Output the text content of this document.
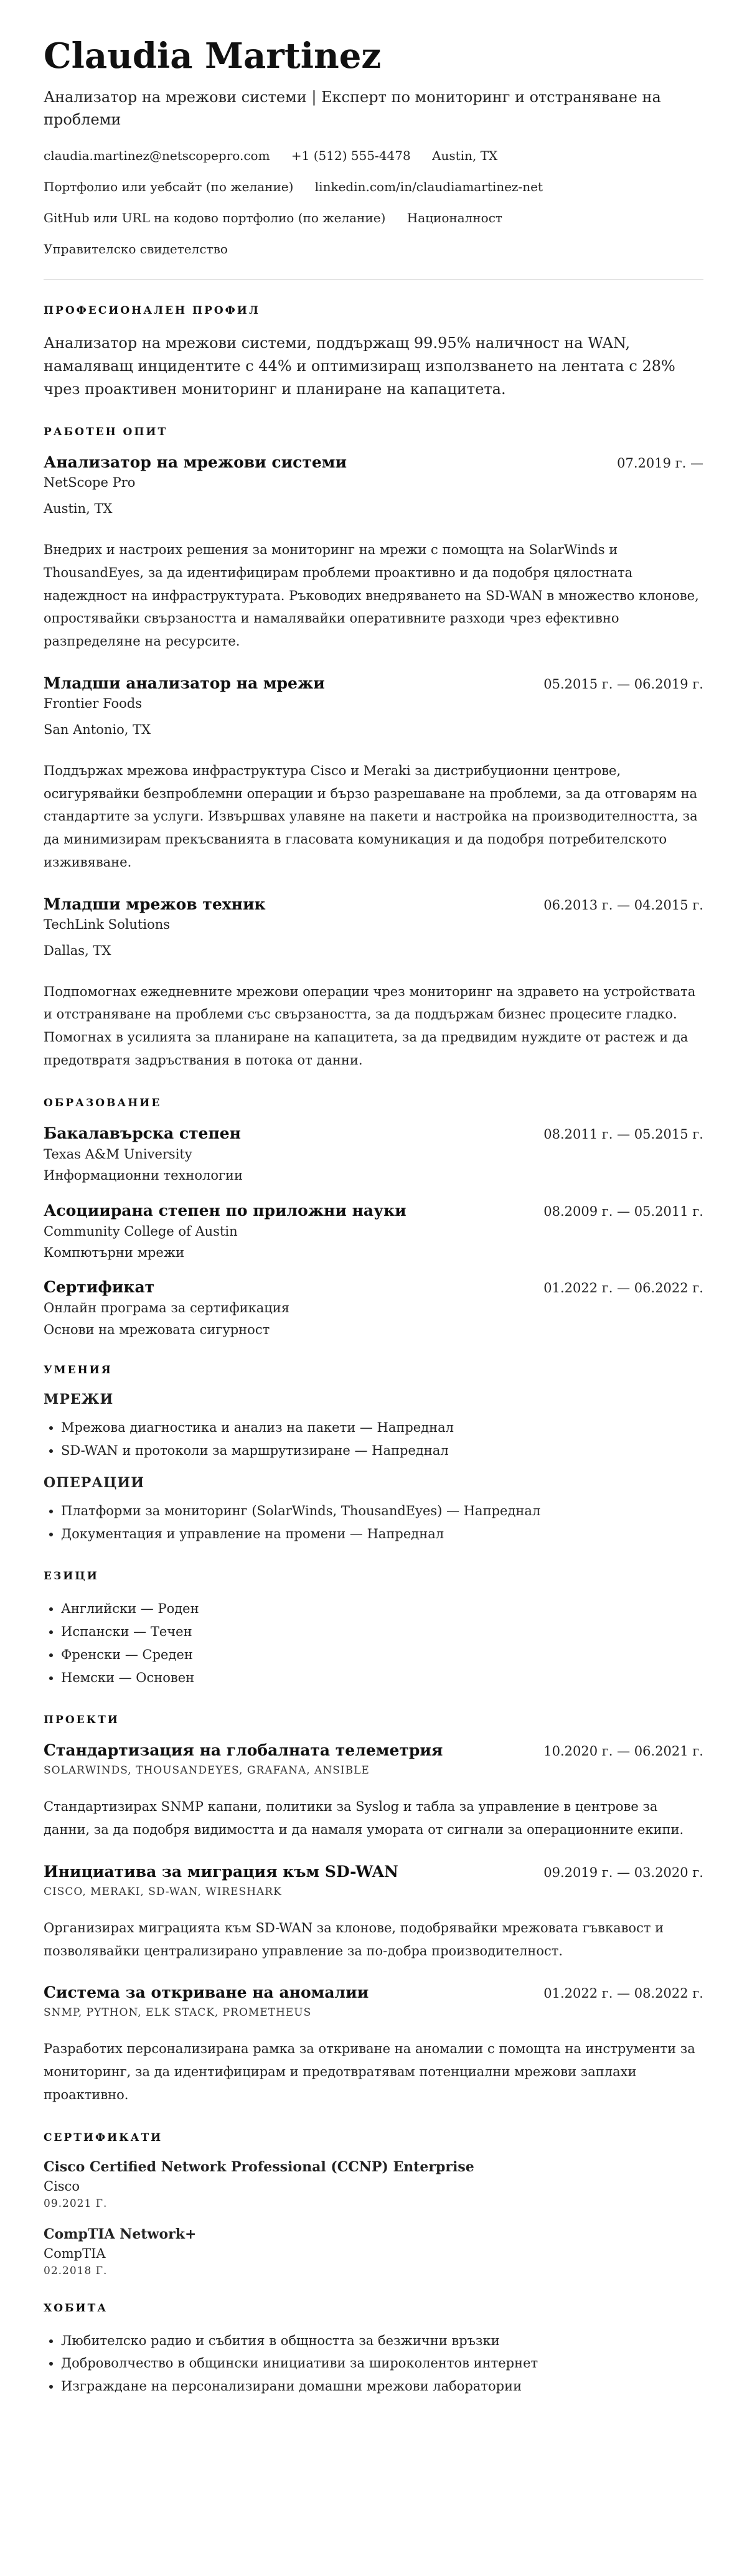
Claudia Martinez
Анализатор на мрежови системи | Експерт по мониторинг и отстраняване на проблеми
claudia.martinez@netscopepro.com +1 (512) 555-4478 Austin, TX
Портфолио или уебсайт (по желание) linkedin.com/in/claudiamartinez-net
GitHub или URL на кодово портфолио (по желание) Националност
Управителско свидетелство
ПРОФЕСИОНАЛЕН ПРОФИЛ

Анализатор на мрежови системи, поддържащ 99.95% наличност на WAN, намаляващ инцидентите с 44% и оптимизиращ използването на лентата с 28% чрез проактивен мониторинг и планиране на капацитета.

РАБОТЕН ОПИТ
Анализатор на мрежови системи	07.2019 г. —
NetScope Pro
Austin, TX
Внедрих и настроих решения за мониторинг на мрежи с помощта на SolarWinds и ThousandEyes, за да идентифицирам проблеми проактивно и да подобря цялостната надеждност на инфраструктурата. Ръководих внедряването на SD-WAN в множество клонове, опростявайки свързаността и намалявайки оперативните разходи чрез ефективно разпределяне на ресурсите.
Младши анализатор на мрежи	05.2015 г. — 06.2019 г.
Frontier Foods
San Antonio, TX
Поддържах мрежова инфраструктура Cisco и Meraki за дистрибуционни центрове, осигурявайки безпроблемни операции и бързо разрешаване на проблеми, за да отговарям на стандартите за услуги. Извършвах улавяне на пакети и настройка на производителността, за да минимизирам прекъсванията в гласовата комуникация и да подобря потребителското изживяване.
Младши мрежов техник	06.2013 г. — 04.2015 г.
TechLink Solutions
Dallas, TX
Подпомогнах ежедневните мрежови операции чрез мониторинг на здравето на устройствата и отстраняване на проблеми със свързаността, за да поддържам бизнес процесите гладко. Помогнах в усилията за планиране на капацитета, за да предвидим нуждите от растеж и да предотвратя задръствания в потока от данни.
ОБРАЗОВАНИЕ
Бакалавърска степен	08.2011 г. — 05.2015 г.
Texas A&M University
Информационни технологии
Асоциирана степен по приложни науки	08.2009 г. — 05.2011 г.
Community College of Austin
Компютърни мрежи
Сертификат	01.2022 г. — 06.2022 г.
Онлайн програма за сертификация
Основи на мрежовата сигурност
УМЕНИЯ
МРЕЖИ
• Мрежова диагностика и анализ на пакети — Напреднал
• SD-WAN и протоколи за маршрутизиране — Напреднал
ОПЕРАЦИИ
• Платформи за мониторинг (SolarWinds, ThousandEyes) — Напреднал
• Документация и управление на промени — Напреднал
ЕЗИЦИ
• Английски — Роден
• Испански — Течен
• Френски — Среден
• Немски — Основен
ПРОЕКТИ
Стандартизация на глобалната телеметрия	10.2020 г. — 06.2021 г.
SOLARWINDS, THOUSANDEYES, GRAFANA, ANSIBLE
Стандартизирах SNMP капани, политики за Syslog и табла за управление в центрове за данни, за да подобря видимостта и да намаля умората от сигнали за операционните екипи.
Инициатива за миграция към SD-WAN	09.2019 г. — 03.2020 г.
CISCO, MERAKI, SD-WAN, WIRESHARK
Организирах миграцията към SD-WAN за клонове, подобрявайки мрежовата гъвкавост и позволявайки централизирано управление за по-добра производителност.
Система за откриване на аномалии	01.2022 г. — 08.2022 г.
SNMP, PYTHON, ELK STACK, PROMETHEUS
Разработих персонализирана рамка за откриване на аномалии с помощта на инструменти за мониторинг, за да идентифицирам и предотвратявам потенциални мрежови заплахи проактивно.
СЕРТИФИКАТИ
Cisco Certified Network Professional (CCNP) Enterprise
Cisco
09.2021 Г.
CompTIA Network+
CompTIA
02.2018 Г.
ХОБИТА
• Любителско радио и събития в общността за безжични връзки
• Доброволчество в общински инициативи за широколентов интернет
• Изграждане на персонализирани домашни мрежови лаборатории
